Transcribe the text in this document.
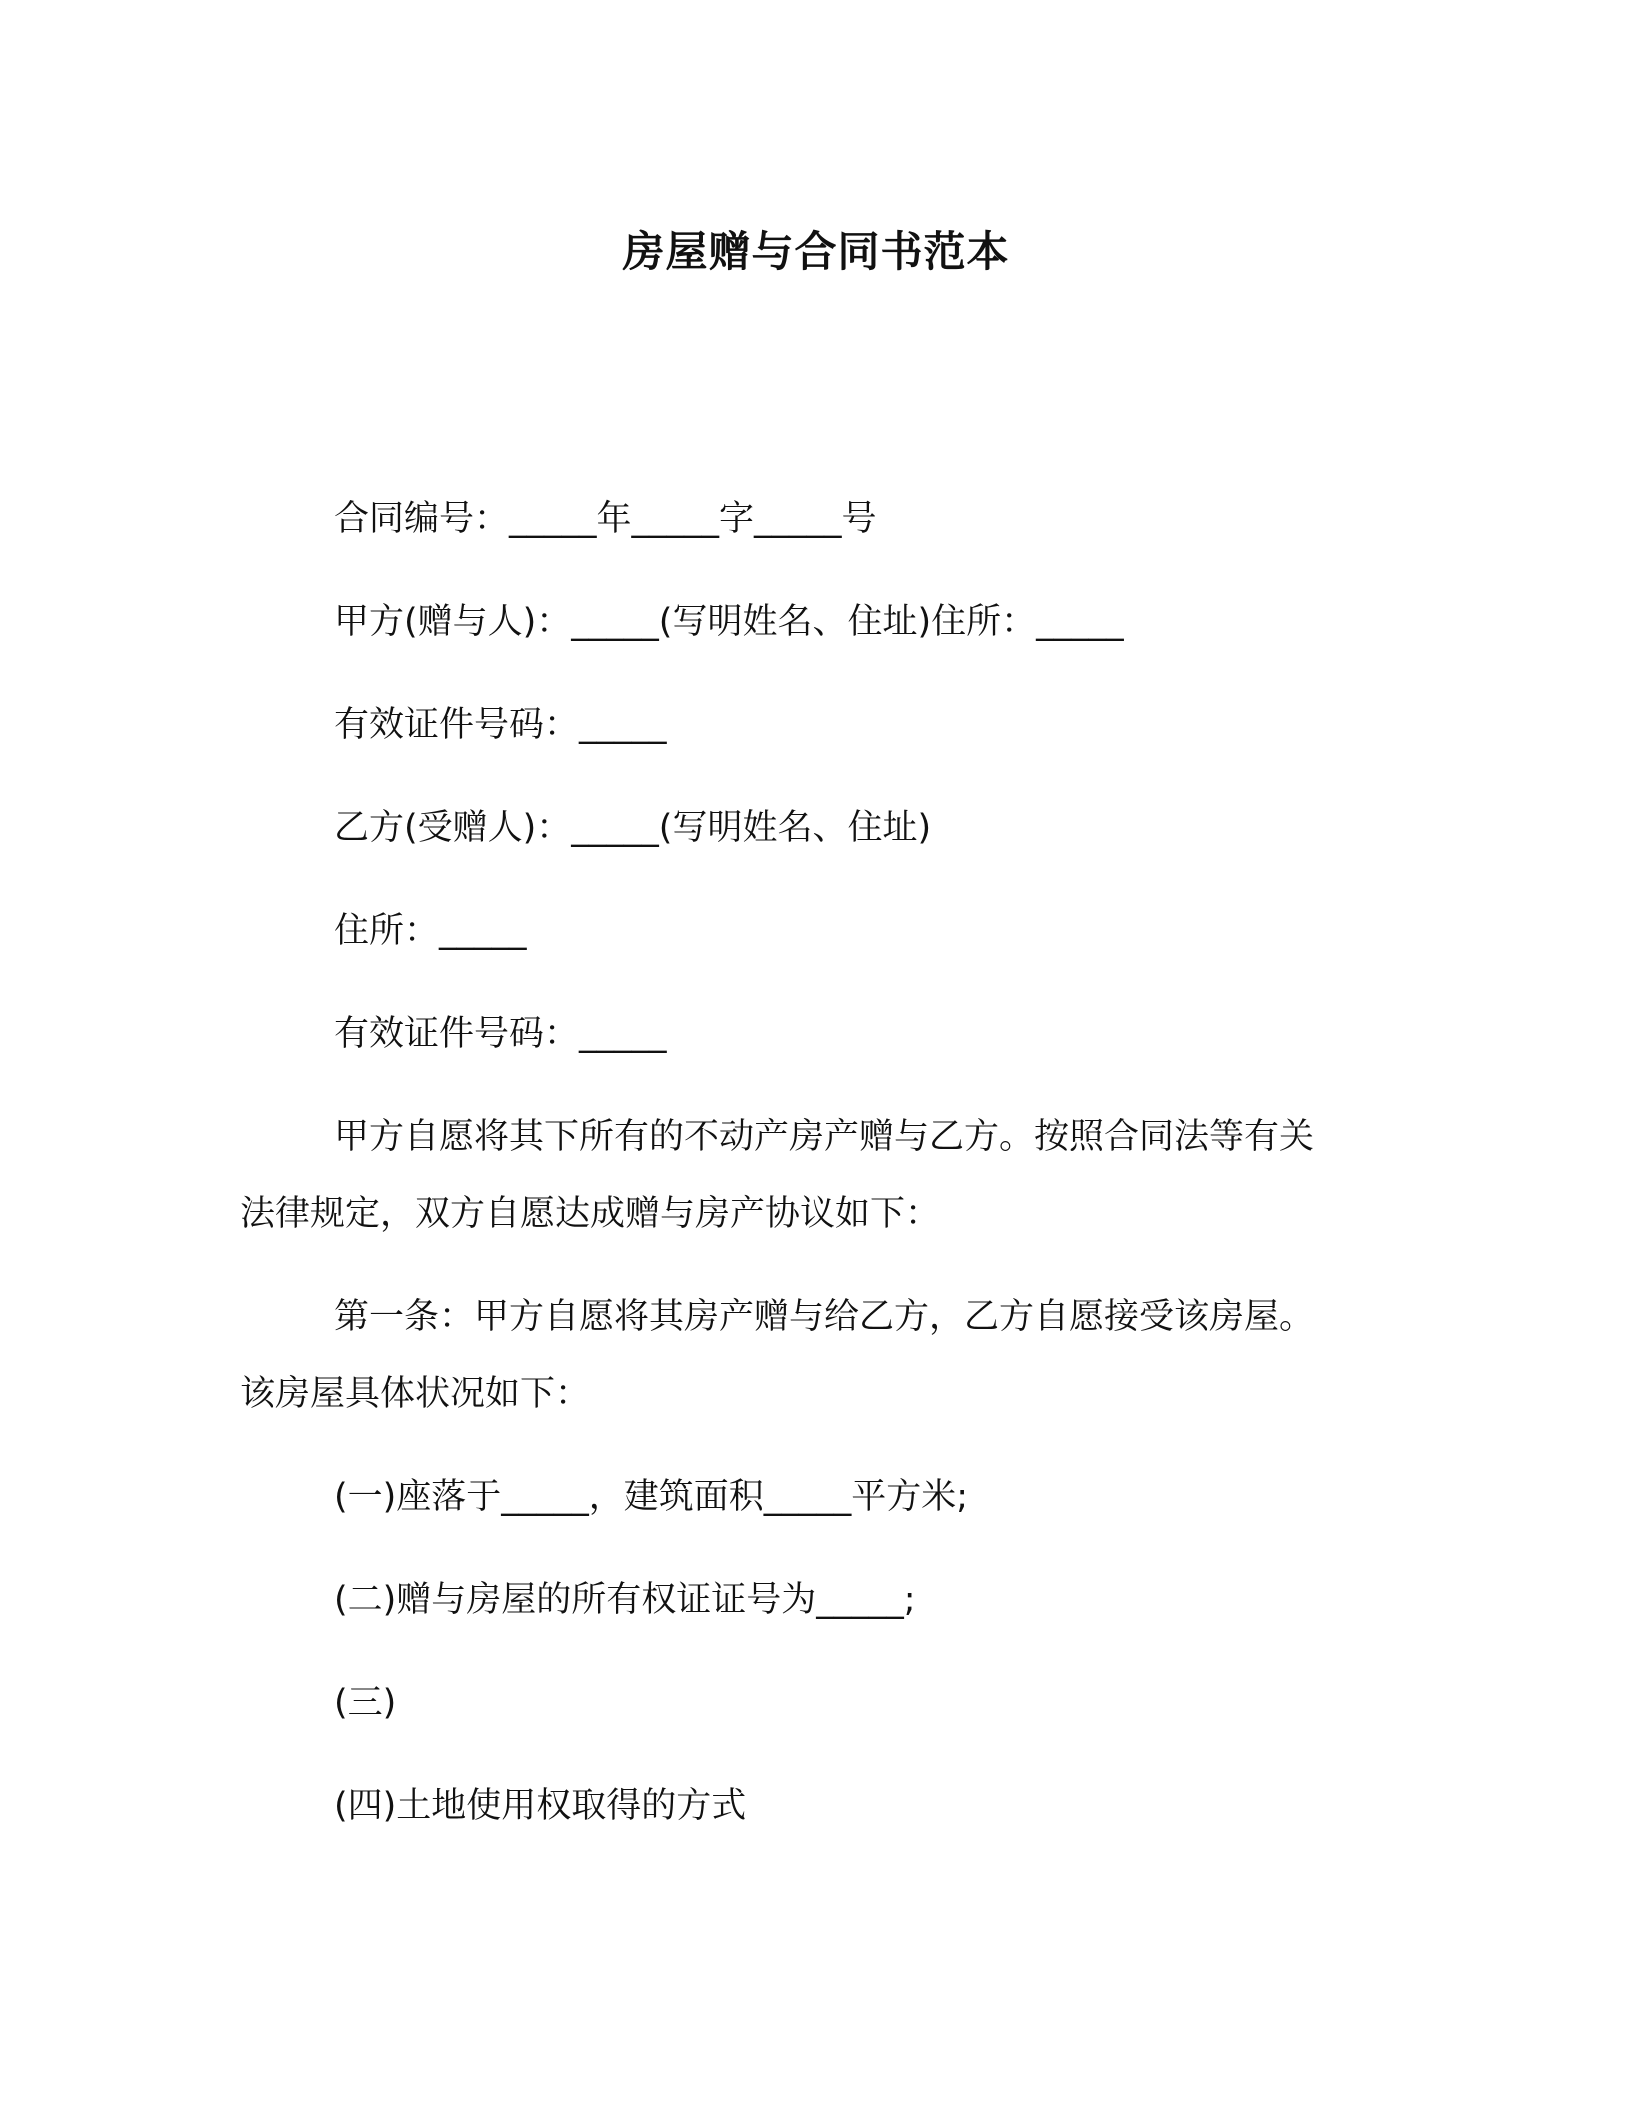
房屋赠与合同书范本
合同编号：_____年_____字_____号
甲方(赠与人)：_____(写明姓名、住址)住所：_____
有效证件号码：_____
乙方(受赠人)：_____(写明姓名、住址)
住所：_____
有效证件号码：_____
甲方自愿将其下所有的不动产房产赠与乙方。按照合同法等有关
法律规定，双方自愿达成赠与房产协议如下：
第一条：甲方自愿将其房产赠与给乙方，乙方自愿接受该房屋。
该房屋具体状况如下：
(一)座落于_____，建筑面积_____平方米;
(二)赠与房屋的所有权证证号为_____;
(三)
(四)土地使用权取得的方式
